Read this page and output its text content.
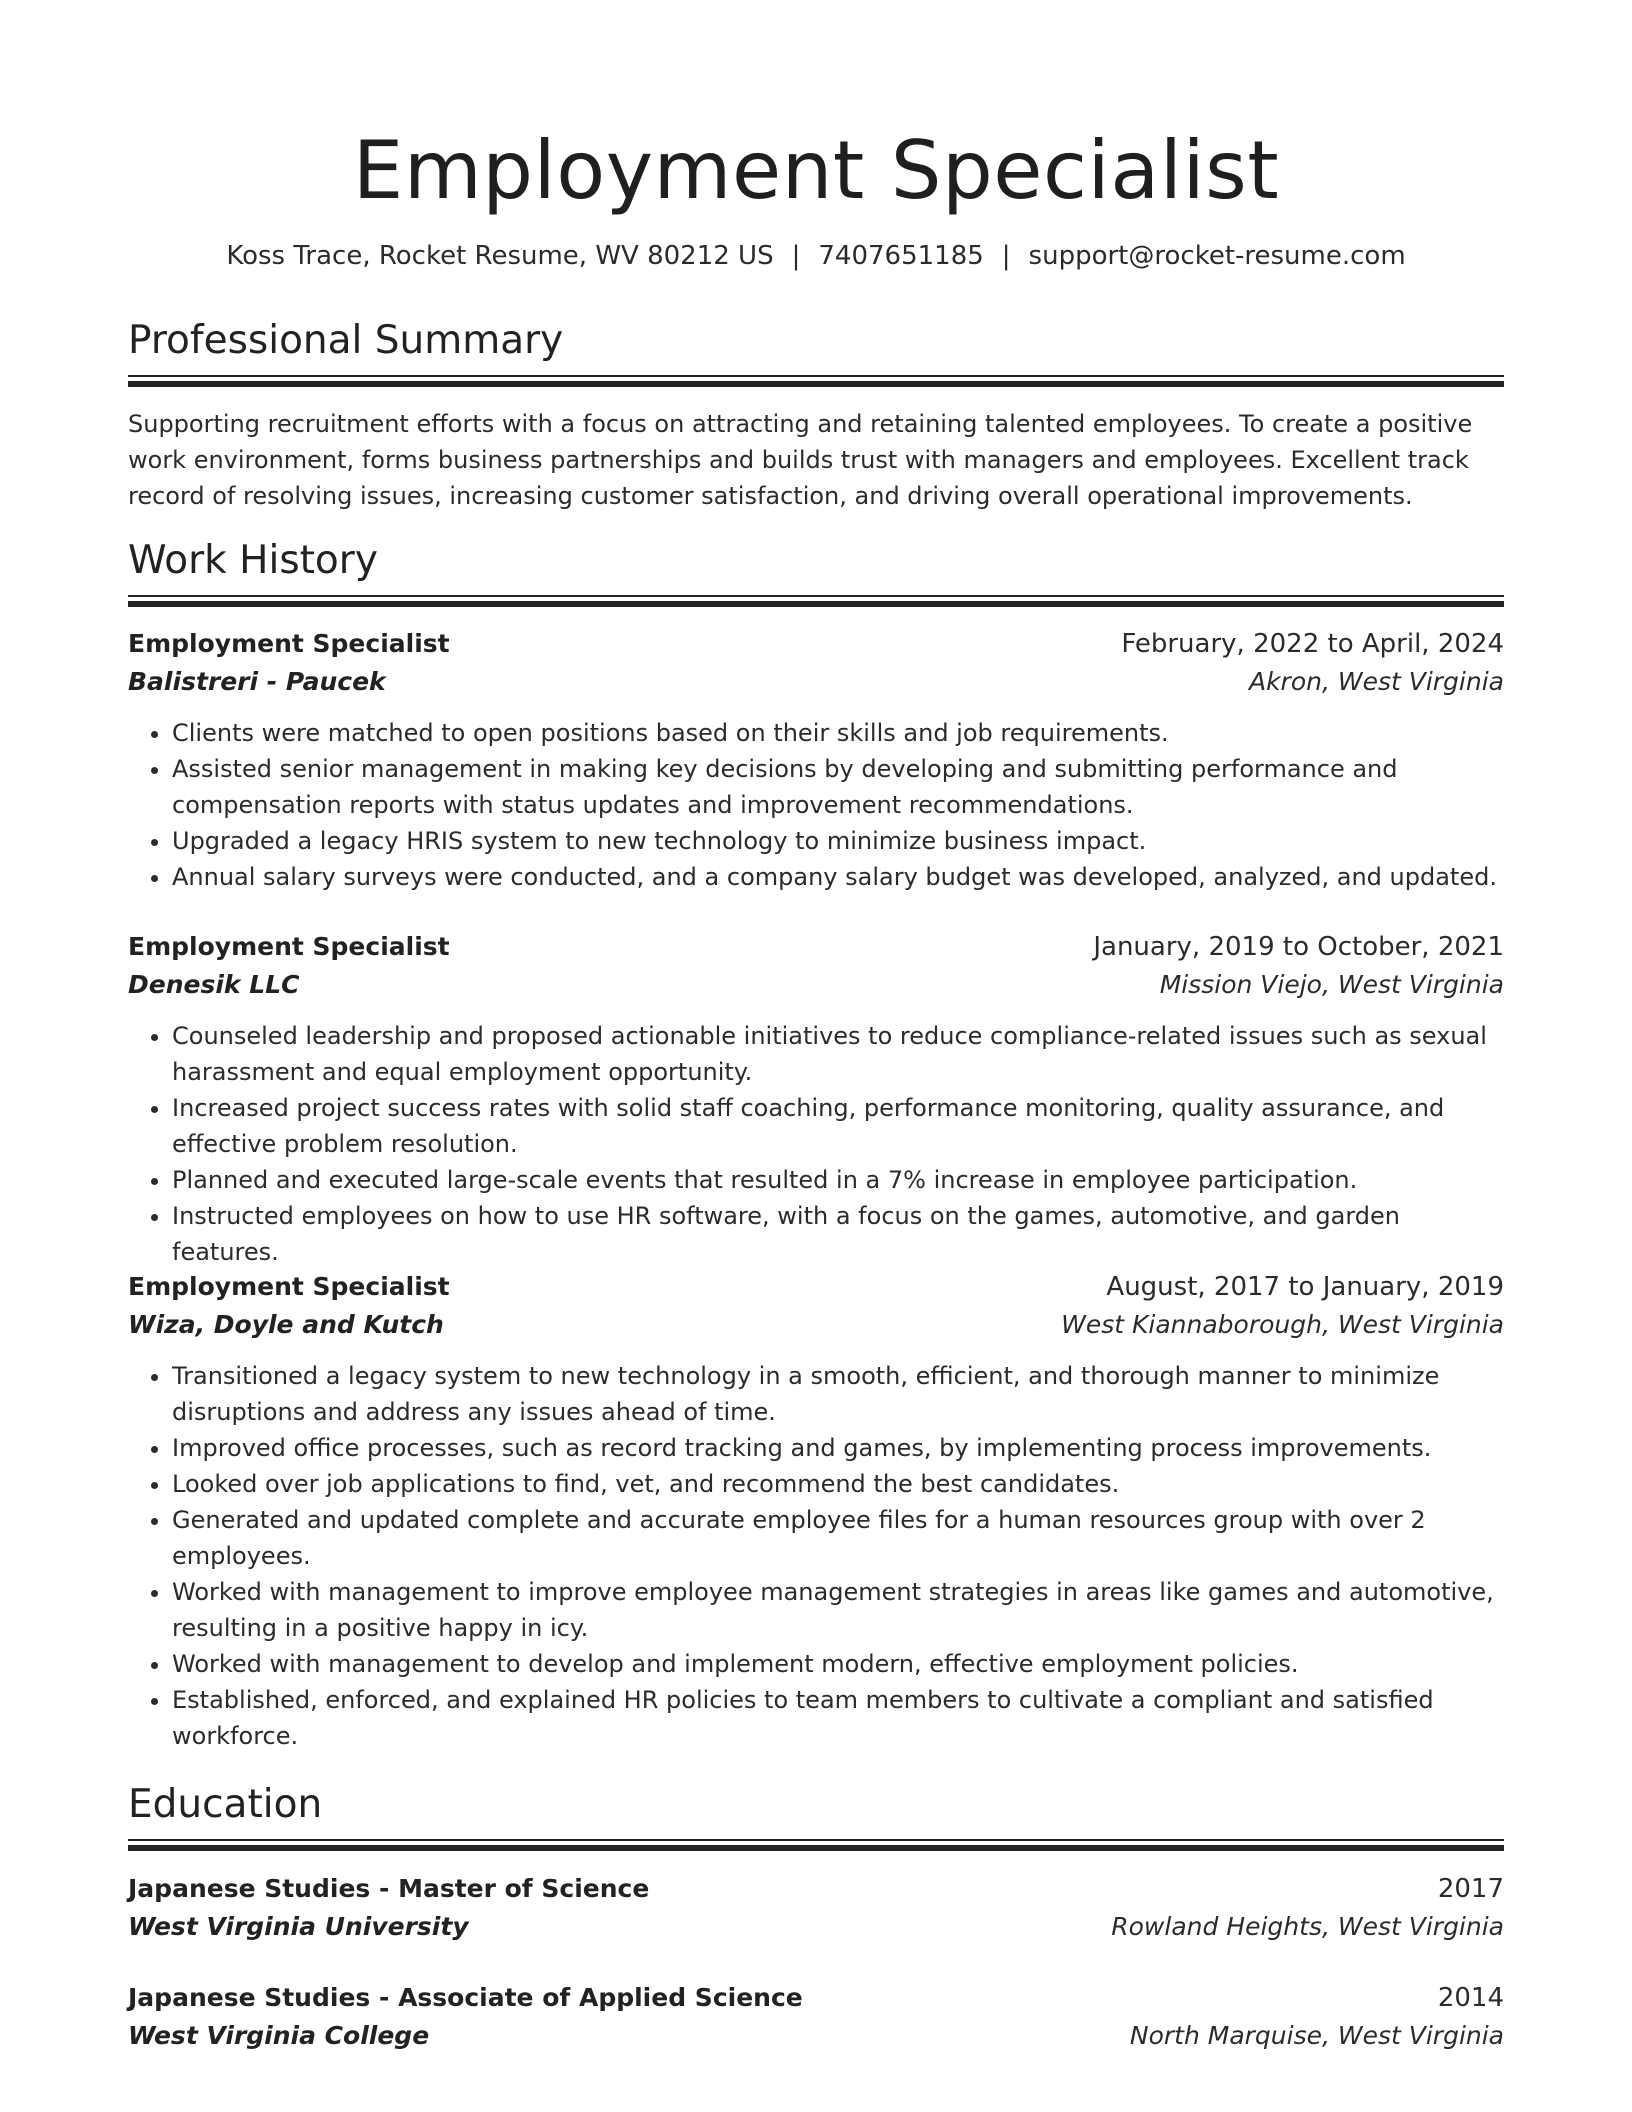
Employment Specialist
Koss Trace, Rocket Resume, WV 80212 US | 7407651185 | support@rocket-resume.com
Professional Summary
Supporting recruitment efforts with a focus on attracting and retaining talented employees. To create a positive work environment, forms business partnerships and builds trust with managers and employees. Excellent track record of resolving issues, increasing customer satisfaction, and driving overall operational improvements.
Work History
Employment Specialist	February, 2022 to April, 2024
Balistreri - Paucek	Akron, West Virginia
• Clients were matched to open positions based on their skills and job requirements.
• Assisted senior management in making key decisions by developing and submitting performance and compensation reports with status updates and improvement recommendations.
• Upgraded a legacy HRIS system to new technology to minimize business impact.
• Annual salary surveys were conducted, and a company salary budget was developed, analyzed, and updated.
Employment Specialist	January, 2019 to October, 2021
Denesik LLC	Mission Viejo, West Virginia
• Counseled leadership and proposed actionable initiatives to reduce compliance-related issues such as sexual harassment and equal employment opportunity.
• Increased project success rates with solid staff coaching, performance monitoring, quality assurance, and effective problem resolution.
• Planned and executed large-scale events that resulted in a 7% increase in employee participation.
• Instructed employees on how to use HR software, with a focus on the games, automotive, and garden features.
Employment Specialist	August, 2017 to January, 2019
Wiza, Doyle and Kutch	West Kiannaborough, West Virginia
• Transitioned a legacy system to new technology in a smooth, efficient, and thorough manner to minimize disruptions and address any issues ahead of time.
• Improved office processes, such as record tracking and games, by implementing process improvements.
• Looked over job applications to find, vet, and recommend the best candidates.
• Generated and updated complete and accurate employee files for a human resources group with over 2 employees.
• Worked with management to improve employee management strategies in areas like games and automotive, resulting in a positive happy in icy.
• Worked with management to develop and implement modern, effective employment policies.
• Established, enforced, and explained HR policies to team members to cultivate a compliant and satisfied workforce.
Education
Japanese Studies - Master of Science	2017
West Virginia University	Rowland Heights, West Virginia
Japanese Studies - Associate of Applied Science	2014
West Virginia College	North Marquise, West Virginia
